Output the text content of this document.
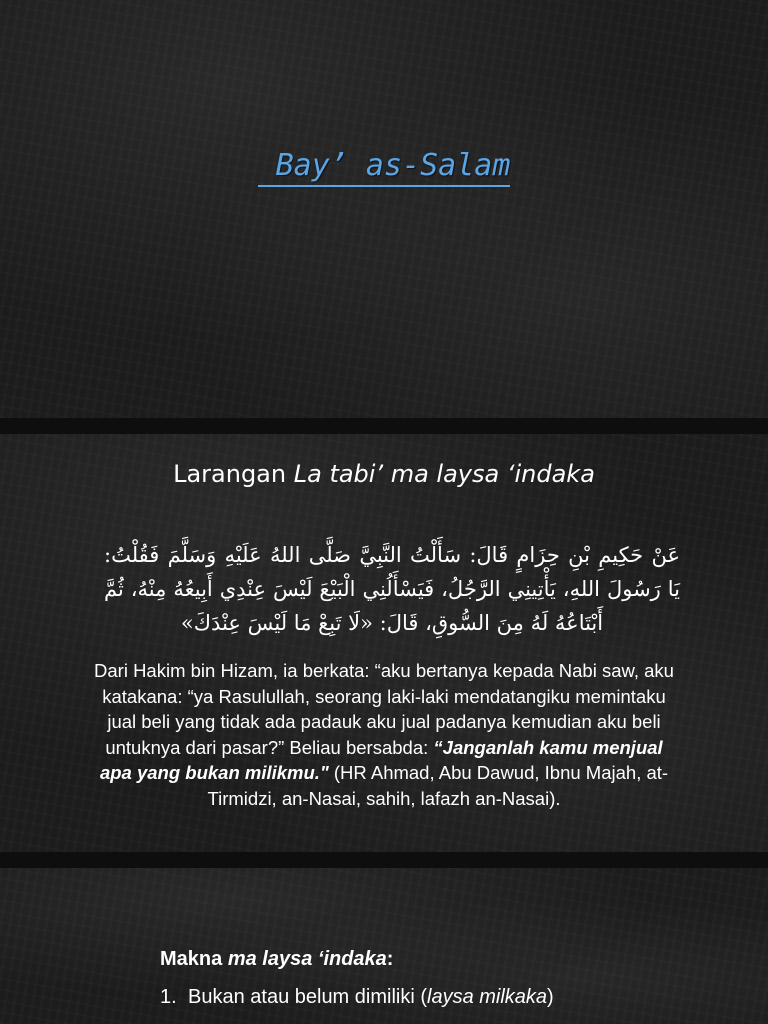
Bay’ as-Salam
Larangan La tabi’ ma laysa ‘indaka
عَنْ حَكِيمِ بْنِ حِزَامٍ قَالَ: سَأَلْتُ النَّبِيَّ صَلَّى اللهُ عَلَيْهِ وَسَلَّمَ فَقُلْتُ: يَا رَسُولَ اللهِ، يَأْتِينِي الرَّجُلُ، فَيَسْأَلُنِي الْبَيْعَ لَيْسَ عِنْدِي أَبِيعُهُ مِنْهُ، ثُمَّ أَبْتَاعُهُ لَهُ مِنَ السُّوقِ، قَالَ: «لَا تَبِعْ مَا لَيْسَ عِنْدَكَ»
Dari Hakim bin Hizam, ia berkata: “aku bertanya kepada Nabi saw, aku katakana: “ya Rasulullah, seorang laki-laki mendatangiku memintaku jual beli yang tidak ada padauk aku jual padanya kemudian aku beli untuknya dari pasar?” Beliau bersabda: “Janganlah kamu menjual apa yang bukan milikmu." (HR Ahmad, Abu Dawud, Ibnu Majah, at-Tirmidzi, an-Nasai, sahih, lafazh an-Nasai).
Makna ma laysa ‘indaka:
1. Bukan atau belum dimiliki (laysa milkaka)
